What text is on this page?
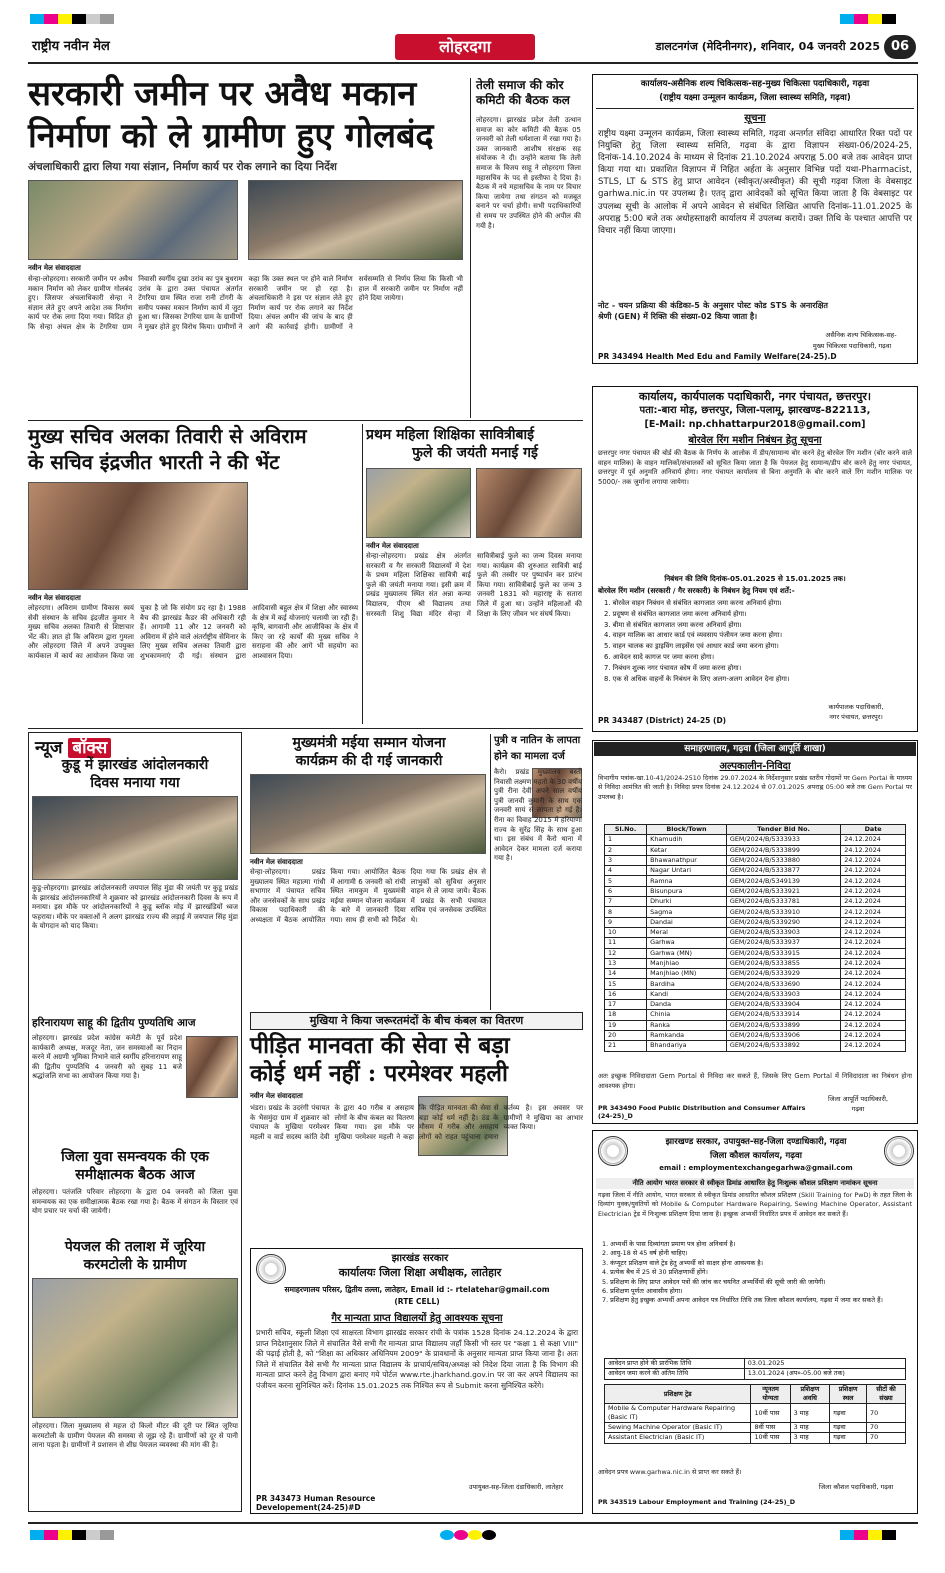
राष्ट्रीय नवीन मेल	लोहरदगा	डालटनगंज (मेदिनीनगर), शनिवार, 04 जनवरी 2025 06
सरकारी जमीन पर अवैध मकान
निर्माण को ले ग्रामीण हुए गोलबंद
अंचलाधिकारी द्वारा लिया गया संज्ञान, निर्माण कार्य पर रोक लगाने का दिया निर्देश
नवीन मेल संवाददाता
सेन्हा-लोहरदगा। सरकारी जमीन पर अवैध मकान निर्माण को लेकर ग्रामीण गोलबंद हुए। जिसपर अंचलाधिकारी सेन्हा ने संज्ञान लेते हुए अपने आदेश तक निर्माण कार्य पर रोक लगा दिया गया। विदित हो कि सेन्हा अंचल क्षेत्र के टेंगरिया ग्राम निवासी स्वर्गीय दुखा उरांव का पुत्र बुधराम उरांव के द्वारा उक्त पंचायत अंतर्गत टेंगरिया ग्राम स्थित राजा रानी टोंगरी के समीप पक्का मकान निर्माण कार्य में जुटा हुआ था। जिसका टेंगरिया ग्राम के ग्रामीणों ने मुखर होते हुए विरोध किया। ग्रामीणों ने कहा कि उक्त स्थल पर होने वाले निर्माण सरकारी जमीन पर हो रहा है। अंचलाधिकारी ने इस पर संज्ञान लेते हुए निर्माण कार्य पर रोक लगाने का निर्देश दिया। अंचल अमीन की जांच के बाद ही आगे की कार्रवाई होगी। ग्रामीणों ने सर्वसम्मति से निर्णय लिया कि किसी भी हाल में सरकारी जमीन पर निर्माण नहीं होने दिया जायेगा।
तेली समाज की कोर कमिटी की बैठक कल
लोहरदगा। झारखंड प्रदेश तेली उत्थान समाज का कोर कमिटी की बैठक 05 जनवरी को तेली धर्मशाला में रखा गया है। उक्त जानकारी आशीष संरक्षक सह संयोजक ने दी। उन्होंने बताया कि तेली समाज के विजय साहू ने लोहरदगा जिला महासचिव के पद से इस्तीफा दे दिया है। बैठक में नये महासचिव के नाम पर विचार किया जायेगा तथा संगठन को मजबूत बनाने पर चर्चा होगी। सभी पदाधिकारियों से समय पर उपस्थित होने की अपील की गयी है।
मुख्य सचिव अलका तिवारी से अविराम
के सचिव इंद्रजीत भारती ने की भेंट
नवीन मेल संवाददाता
लोहरदगा। अविराम ग्रामीण विकास स्वयं सेवी संस्थान के सचिव इंद्रजीत कुमार ने मुख्य सचिव अलका तिवारी से शिष्टाचार भेंट की। ज्ञात हो कि अविराम द्वारा गुमला और लोहरदगा जिले में अपने उपयुक्त कार्यकाल में कार्य का आयोजन किया जा चुका है जो कि संयोग प्रद रहा है। 1988 बैच की झारखंड कैडर की अधिकारी रही हैं। आगामी 11 और 12 जनवरी को अविराम में होने वाले अंतर्राष्ट्रीय सेमिनार के लिए मुख्य सचिव अलका तिवारी द्वारा शुभकामनाएं दी गई। संस्थान द्वारा आदिवासी बहुल क्षेत्र में शिक्षा और स्वास्थ्य के क्षेत्र में कई योजनाएं चलायी जा रही हैं। कृषि, बागवानी और आजीविका के क्षेत्र में किए जा रहे कार्यों की मुख्य सचिव ने सराहना की और आगे भी सहयोग का आश्वासन दिया।
प्रथम महिला शिक्षिका सावित्रीबाई
फुले की जयंती मनाई गई
नवीन मेल संवाददाता
सेन्हा-लोहरदगा। प्रखंड क्षेत्र अंतर्गत सरकारी व गैर सरकारी विद्यालयों में देश के प्रथम महिला शिक्षिका सावित्री बाई फुले की जयंती मनाया गया। इसी क्रम में प्रखंड मुख्यालय स्थित संत अन्ना कन्या विद्यालय, पीएम श्री विद्यालय तथा सरस्वती शिशु विद्या मंदिर सेन्हा में सावित्रीबाई फुले का जन्म दिवस मनाया गया। कार्यक्रम की शुरुआत सावित्री बाई फुले की तस्वीर पर पुष्पार्चन कर प्रारंभ किया गया। सावित्रीबाई फुले का जन्म 3 जनवरी 1831 को महाराष्ट्र के सतारा जिले में हुआ था। उन्होंने महिलाओं की शिक्षा के लिए जीवन भर संघर्ष किया।
न्यूज बॉक्स
कुडू में झारखंड आंदोलनकारी
दिवस मनाया गया
कुडू-लोहरदगा। झारखंड आंदोलनकारी जयपाल सिंह मुंडा की जयंती पर कुडू प्रखंड के झारखंड आंदोलनकारियों ने शुक्रवार को झारखंड आंदोलनकारी दिवस के रूप में मनाया। इस मौके पर आंदोलनकारियों ने कुडू ब्लॉक मोड़ में झारखंडियों ध्वज फहराया। मौके पर वक्ताओं ने अलग झारखंड राज्य की लड़ाई में जयपाल सिंह मुंडा के योगदान को याद किया।
हरिनारायण साहू की द्वितीय पुण्यतिथि आज
लोहरदगा। झारखंड प्रदेश कांग्रेस कमेटी के पूर्व प्रदेश कार्यकारी अध्यक्ष, मजदूर नेता, जन समस्याओं का निदान करने में अग्रणी भूमिका निभाने वाले स्वर्गीय हरिनारायण साहू की द्वितीय पुण्यतिथि 4 जनवरी को सुबह 11 बजे श्रद्धांजलि सभा का आयोजन किया गया है।
जिला युवा समन्वयक की एक
समीक्षात्मक बैठक आज
लोहरदगा। पतंजलि परिवार लोहरदगा के द्वारा 04 जनवरी को जिला युवा समन्वयक का एक समीक्षात्मक बैठक रखा गया है। बैठक में संगठन के विस्तार एवं योग प्रचार पर चर्चा की जायेगी।
पेयजल की तलाश में जूरिया
करमटोली के ग्रामीण
लोहरदगा। जिला मुख्यालय से महज दो किलो मीटर की दूरी पर स्थित जूरिया करमटोली के ग्रामीण पेयजल की समस्या से जूझ रहे हैं। ग्रामीणों को दूर से पानी लाना पड़ता है। ग्रामीणों ने प्रशासन से शीघ्र पेयजल व्यवस्था की मांग की है।
मुख्यमंत्री मईया सम्मान योजना
कार्यक्रम की दी गई जानकारी
नवीन मेल संवाददाता
सेन्हा-लोहरदगा। प्रखंड मुख्यालय स्थित महात्मा गांधी सभागार में पंचायत सचिव और जनसेवकों के साथ प्रखंड विकास पदाधिकारी की अध्यक्षता में बैठक आयोजित किया गया। आयोजित बैठक में आगामी 6 जनवरी को रांची स्थित नामकुम में मुख्यमंत्री मईया सम्मान योजना कार्यक्रम के बारे में जानकारी दिया गया। साथ ही सभी को निर्देश दिया गया कि प्रखंड क्षेत्र से लाभुकों को सुविधा अनुसार वाहन से ले जाया जाये। बैठक में प्रखंड के सभी पंचायत सचिव एवं जनसेवक उपस्थित थे।
पुत्री व नातिन के लापता
होने का मामला दर्ज
कैरो। प्रखंड मुख्यालय बस्ती निवासी लक्ष्मण महतो के 30 वर्षीय पुत्री रीना देवी अपने साल वर्षीय पुत्री जानवी कुमारी के साथ एक जनवरी सायं से लापता हो गई है। रीना का विवाह 2015 में हरियाणा राज्य के सुरेंद्र सिंह के साथ हुआ था। इस संबंध में कैरो थाना में आवेदन देकर मामला दर्ज कराया गया है।
मुखिया ने किया जरूरतमंदों के बीच कंबल का वितरण
पीड़ित मानवता की सेवा से बड़ा
कोई धर्म नहीं : परमेश्वर महली
नवीन मेल संवाददाता
भंडरा। प्रखंड के उदरंगी पंचायत के भैसमुंदा ग्राम में शुक्रवार को पंचायत के मुखिया परमेश्वर महली व वार्ड सदस्य कांति देवी के द्वारा 40 गरीब व असहाय लोगों के बीच कंबल का वितरण किया गया। इस मौके पर मुखिया परमेश्वर महली ने कहा कि पीड़ित मानवता की सेवा से बड़ा कोई धर्म नहीं है। ठंड के मौसम में गरीब और असहाय लोगों को राहत पहुंचाना हमारा कर्तव्य है। इस अवसर पर ग्रामीणों ने मुखिया का आभार व्यक्त किया।
झारखंड सरकार
कार्यालयः जिला शिक्षा अधीक्षक, लातेहार
समाहरणालय परिसर, द्वितीय तल्ला, लातेहार, Email id :- rtelatehar@gmail.com
(RTE CELL)
गैर मान्यता प्राप्त विद्यालयों हेतु आवश्यक सूचना
प्रभारी सचिव, स्कूली शिक्षा एवं साक्षरता विभाग झारखंड सरकार रांची के पत्रांक 1528 दिनांक 24.12.2024 के द्वारा प्राप्त निदेशानुसार जिले में संचालित वैसे सभी गैर मान्यता प्राप्त विद्यालय जहाँ किसी भी स्तर पर "कक्षा 1 से कक्षा VIII" की पढ़ाई होती है, को "शिक्षा का अधिकार अधिनियम 2009" के प्रावधानों के अनुसार मान्यता प्राप्त किया जाना है। अतः जिले में संचालित वैसे सभी गैर मान्यता प्राप्त विद्यालय के प्राचार्य/सचिव/अध्यक्ष को निदेश दिया जाता है कि विभाग की मान्यता प्राप्त करने हेतु विभाग द्वारा बनाए गये पोर्टल www.rte.jharkhand.gov.in पर जा कर अपने विद्यालय का पंजीयन करना सुनिश्चित करें। दिनांक 15.01.2025 तक निश्चित रूप से Submit करना सुनिश्चित करेंगे।
PR 343473 Human Resource Developement(24-25)#D
उपायुक्त-सह-जिला दंडाधिकारी, लातेहार
कार्यालय-असैनिक शल्य चिकित्सक-सह-मुख्य चिकित्सा पदाधिकारी, गढ़वा
(राष्ट्रीय यक्ष्मा उन्मूलन कार्यक्रम, जिला स्वास्थ्य समिति, गढ़वा)
सूचना
राष्ट्रीय यक्ष्मा उन्मूलन कार्यक्रम, जिला स्वास्थ्य समिति, गढ़वा अन्तर्गत संविदा आधारित रिक्त पदों पर नियुक्ति हेतु जिला स्वास्थ्य समिति, गढ़वा के द्वारा विज्ञापन संख्या-06/2024-25, दिनांक-14.10.2024 के माध्यम से दिनांक 21.10.2024 अपराह्न 5.00 बजे तक आवेदन प्राप्त किया गया था। प्रकाशित विज्ञापन में निहित अर्हता के अनुसार विभिन्न पदों यथा-Pharmacist, STLS, LT & STS हेतु प्राप्त आवेदन (स्वीकृत/अस्वीकृत) की सूची गढ़वा जिला के वेबसाइट garhwa.nic.in पर उपलब्ध है। एतद् द्वारा आवेदकों को सूचित किया जाता है कि वेबसाइट पर उपलब्ध सूची के आलोक में अपने आवेदन से संबंधित लिखित आपत्ति दिनांक-11.01.2025 के अपराह्न 5:00 बजे तक अधोहस्ताक्षरी कार्यालय में उपलब्ध करायें। उक्त तिथि के पश्चात आपत्ति पर विचार नहीं किया जाएगा।
नोट - चयन प्रक्रिया की कंडिका-5 के अनुसार पोस्ट कोड STS के अनारक्षित श्रेणी (GEN) में रिक्ति की संख्या-02 किया जाता है।
असैनिक शल्य चिकित्सक-सह-
मुख्य चिकित्सा पदाधिकारी, गढ़वा
PR 343494 Health Med Edu and Family Welfare(24-25).D
कार्यालय, कार्यपालक पदाधिकारी, नगर पंचायत, छत्तरपुर।
पता:-बारा मोड़, छत्तरपुर, जिला-पलामू, झारखण्ड-822113,
[E-Mail: np.chhattarpur2018@gmail.com]
बोरवेल रिंग मशीन निबंधन हेतु सूचना
छत्तरपुर नगर पंचायत की बोर्ड की बैठक के निर्णय के आलोक में डीप/सामान्य बोर करने हेतु बोरवेल रिंग मशीन (बोर करने वाले वाहन मालिक) के वाहन मालिकों/संचालकों को सूचित किया जाता है कि पेयजल हेतु सामान्य/डीप बोर करने हेतु नगर पंचायत, छत्तरपुर में पूर्व अनुमति अनिवार्य होगा। नगर पंचायत कार्यालय से बिना अनुमति के बोर करने वाले रिंग मशीन मालिक पर 5000/- तक जुर्माना लगाया जायेगा।
निबंधन की तिथि दिनांक-05.01.2025 से 15.01.2025 तक।
बोरवेल रिंग मशीन (सरकारी / गैर सरकारी) के निबंधन हेतु नियम एवं शर्तें:-
1. बोरवेल वाहन निबंधन से संबंधित कागजात जमा करना अनिवार्य होगा।
2. प्रदूषण से संबंधित कागजात जमा करना अनिवार्य होगा।
3. बीमा से संबंधित कागजात जमा करना अनिवार्य होगा।
4. वाहन मालिक का आधार कार्ड एवं व्यवसाय पंजीयन जमा करना होगा।
5. वाहन चालक का ड्राइविंग लाइसेंस एवं आधार कार्ड जमा करना होगा।
6. आवेदन सादे कागज पर जमा करना होगा।
7. निबंधन शुल्क नगर पंचायत कोष में जमा करना होगा।
8. एक से अधिक वाहनों के निबंधन के लिए अलग-अलग आवेदन देना होगा।
कार्यपालक पदाधिकारी,
नगर पंचायत, छत्तरपुर।
PR 343487 (District) 24-25 (D)
समाहरणालय, गढ़वा (जिला आपूर्ति शाखा)
अल्पकालीन-निविदा
विभागीय पत्रांक-खा.10-41/2024-2510 दिनांक 29.07.2024 के निर्देशानुसार प्रखंड स्तरीय गोदामों पर Gem Portal के माध्यम से निविदा आमंत्रित की जाती है। निविदा प्रपत्र दिनांक 24.12.2024 से 07.01.2025 अपराह्न 05:00 बजे तक Gem Portal पर उपलब्ध है।
Sl.No.	Block/Town	Tender Bid No.	Date
1	Khamudih	GEM/2024/B/5333933	24.12.2024
2	Ketar	GEM/2024/B/5333899	24.12.2024
3	Bhawanathpur	GEM/2024/B/5333880	24.12.2024
4	Nagar Untari	GEM/2024/B/5333877	24.12.2024
5	Ramna	GEM/2024/B/5349139	24.12.2024
6	Bisunpura	GEM/2024/B/5333921	24.12.2024
7	Dhurki	GEM/2024/B/5333781	24.12.2024
8	Sagma	GEM/2024/B/5333910	24.12.2024
9	Dandai	GEM/2024/B/5339290	24.12.2024
10	Meral	GEM/2024/B/5333903	24.12.2024
11	Garhwa	GEM/2024/B/5333937	24.12.2024
12	Garhwa (MN)	GEM/2024/B/5333915	24.12.2024
13	Manjhiao	GEM/2024/B/5333855	24.12.2024
14	Manjhiao (MN)	GEM/2024/B/5333929	24.12.2024
15	Bardiha	GEM/2024/B/5333690	24.12.2024
16	Kandi	GEM/2024/B/5333903	24.12.2024
17	Danda	GEM/2024/B/5333904	24.12.2024
18	Chinia	GEM/2024/B/5333914	24.12.2024
19	Ranka	GEM/2024/B/5333899	24.12.2024
20	Ramkanda	GEM/2024/B/5333906	24.12.2024
21	Bhandariya	GEM/2024/B/5333892	24.12.2024
अतः इच्छुक निविदादाता Gem Portal से निविदा कर सकते हैं, जिसके लिए Gem Portal में निविदादाता का निबंधन होना आवश्यक होगा।
जिला आपूर्ति पदाधिकारी,
गढ़वा
PR 343490 Food Public Distribution and Consumer Affairs (24-25)_D
झारखण्ड सरकार, उपायुक्त-सह-जिला दण्डाधिकारी, गढ़वा
जिला कौशल कार्यालय, गढ़वा
email : employmentexchangegarhwa@gmail.com
नीति आयोग भारत सरकार से स्वीकृत डिमांड आधारित हेतु निःशुल्क कौशल प्रशिक्षण नामांकन सूचना
गढ़वा जिला में नीति आयोग, भारत सरकार से स्वीकृत डिमांड आधारित कौशल प्रशिक्षण (Skill Training for PwD) के तहत जिला के दिव्यांग युवक/युवतियों को Mobile & Computer Hardware Repairing, Sewing Machine Operator, Assistant Electrician ट्रेड में निःशुल्क प्रशिक्षण दिया जाना है। इच्छुक अभ्यर्थी निर्धारित प्रपत्र में आवेदन कर सकते हैं।
1. अभ्यर्थी के पास दिव्यांगता प्रमाण पत्र होना अनिवार्य है।
2. आयु-18 से 45 वर्ष होनी चाहिए।
3. कंप्यूटर प्रशिक्षण वाले ट्रेड हेतु अभ्यर्थी को साक्षर होना आवश्यक है।
4. प्रत्येक बैच में 25 से 30 प्रशिक्षणार्थी होंगे।
5. प्रशिक्षण के लिए प्राप्त आवेदन पत्रों की जांच कर चयनित अभ्यर्थियों की सूची जारी की जायेगी।
6. प्रशिक्षण पूर्णतः आवासीय होगा।
7. प्रशिक्षण हेतु इच्छुक अभ्यर्थी अपना आवेदन पत्र निर्धारित तिथि तक जिला कौशल कार्यालय, गढ़वा में जमा कर सकते हैं।
आवेदन प्राप्त होने की प्रारंभिक तिथि	03.01.2025
आवेदन जमा करने की अंतिम तिथि	13.01.2024 (अप०-05.00 बजे तक)
प्रशिक्षण ट्रेड	न्यूनतम योग्यता	प्रशिक्षण अवधि	प्रशिक्षण स्थल	सीटों की संख्या
Mobile & Computer Hardware Repairing (Basic IT)	10वीं पास	3 माह	गढ़वा	70
Sewing Machine Operator (Basic IT)	8वीं पास	3 माह	गढ़वा	70
Assistant Electrician (Basic IT)	10वीं पास	3 माह	गढ़वा	70
आवेदन प्रपत्र www.garhwa.nic.in से प्राप्त कर सकते हैं।
जिला कौशल पदाधिकारी, गढ़वा
PR 343519 Labour Employment and Training (24-25)_D
